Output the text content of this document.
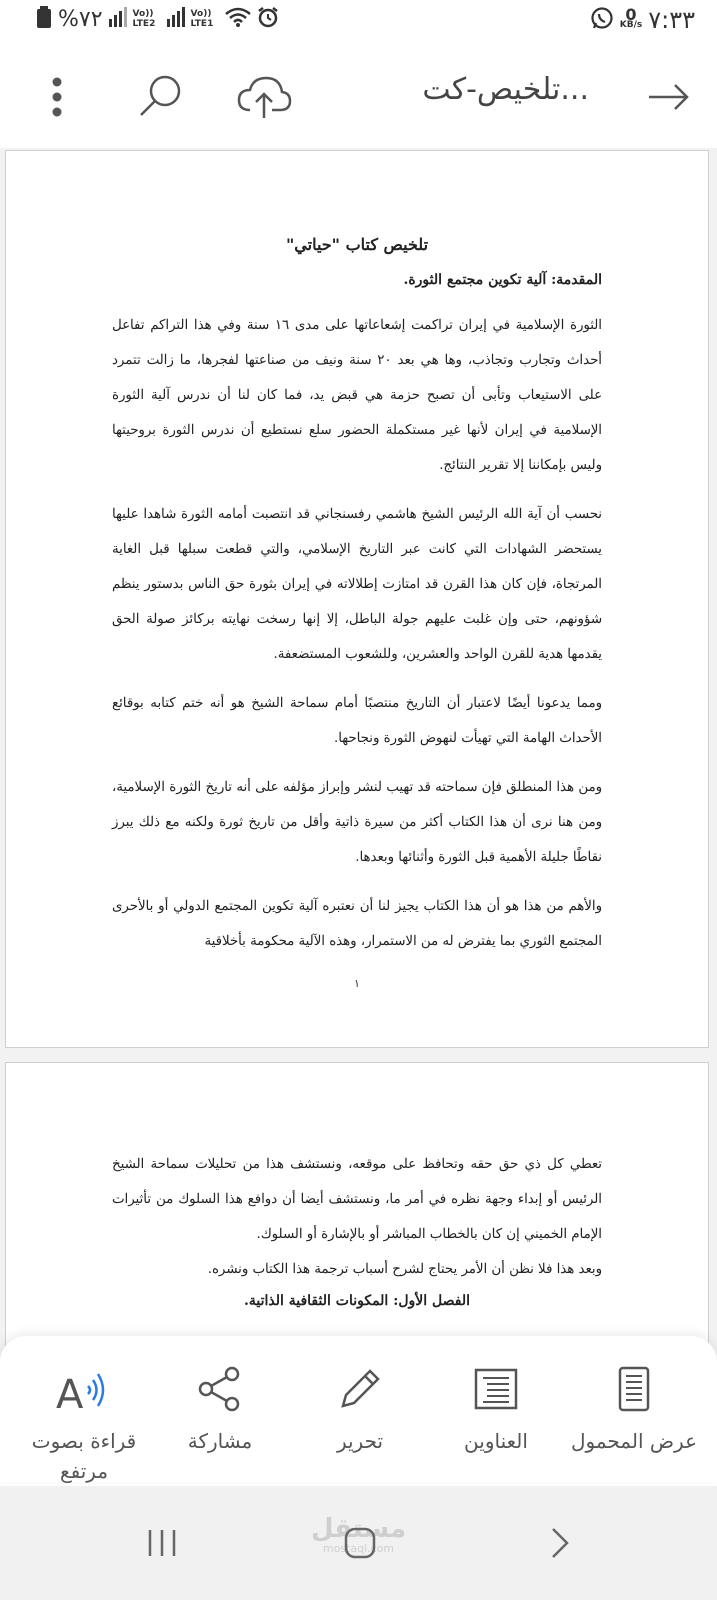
%٧٢	Vo)) LTE2
Vo)) LTE1	0
KB/s ٧:٣٣
تلخيص-كت...
تلخيص كتاب "حياتي"
المقدمة: آلية تكوين مجتمع الثورة.

الثورة الإسلامية في إيران تراكمت إشعاعاتها على مدى ١٦ سنة وفي هذا التراكم تفاعل أحداث وتجارب وتجاذب، وها هي بعد ٢٠ سنة ونيف من صناعتها لفجرها، ما زالت تتمرد على الاستيعاب وتأبى أن تصبح حزمة هي قبض يد، فما كان لنا أن ندرس آلية الثورة الإسلامية في إيران لأنها غير مستكملة الحضور سلع نستطيع أن ندرس الثورة بروحيتها وليس بإمكاننا إلا تقرير النتائج.

نحسب أن آية الله الرئيس الشيخ هاشمي رفسنجاني قد انتصبت أمامه الثورة شاهدا عليها يستحضر الشهادات التي كانت عبر التاريخ الإسلامي، والتي قطعت سبلها قبل الغاية المرتجاة، فإن كان هذا القرن قد امتازت إطلالاته في إيران بثورة حق الناس بدستور ينظم شؤونهم، حتى وإن غلبت عليهم جولة الباطل، إلا إنها رسخت نهايته بركائز صولة الحق يقدمها هدية للقرن الواحد والعشرين، وللشعوب المستضعفة.

ومما يدعونا أيضًا لاعتبار أن التاريخ منتصبًا أمام سماحة الشيخ هو أنه ختم كتابه بوقائع الأحداث الهامة التي تهيأت لنهوض الثورة ونجاحها.

ومن هذا المنطلق فإن سماحته قد تهيب لنشر وإبراز مؤلفه على أنه تاريخ الثورة الإسلامية، ومن هنا نرى أن هذا الكتاب أكثر من سيرة ذاتية وأقل من تاريخ ثورة ولكنه مع ذلك يبرز نقاطًا جليلة الأهمية قبل الثورة وأثنائها وبعدها.

والأهم من هذا هو أن هذا الكتاب يجيز لنا أن نعتبره آلية تكوين المجتمع الدولي أو بالأحرى المجتمع الثوري بما يفترض له من الاستمرار، وهذه الآلية محكومة بأخلاقية

١

تعطي كل ذي حق حقه وتحافظ على موقعه، ونستشف هذا من تحليلات سماحة الشيخ الرئيس أو إبداء وجهة نظره في أمر ما، ونستشف أيضا أن دوافع هذا السلوك من تأثيرات الإمام الخميني إن كان بالخطاب المباشر أو بالإشارة أو السلوك.

وبعد هذا فلا نظن أن الأمر يحتاج لشرح أسباب ترجمة هذا الكتاب ونشره.

الفصل الأول: المكونات الثقافية الذاتية.
A
قراءة بصوت مرتفع
مشاركة	تحرير	العناوين	عرض المحمول
مستقل
mostaql.com
